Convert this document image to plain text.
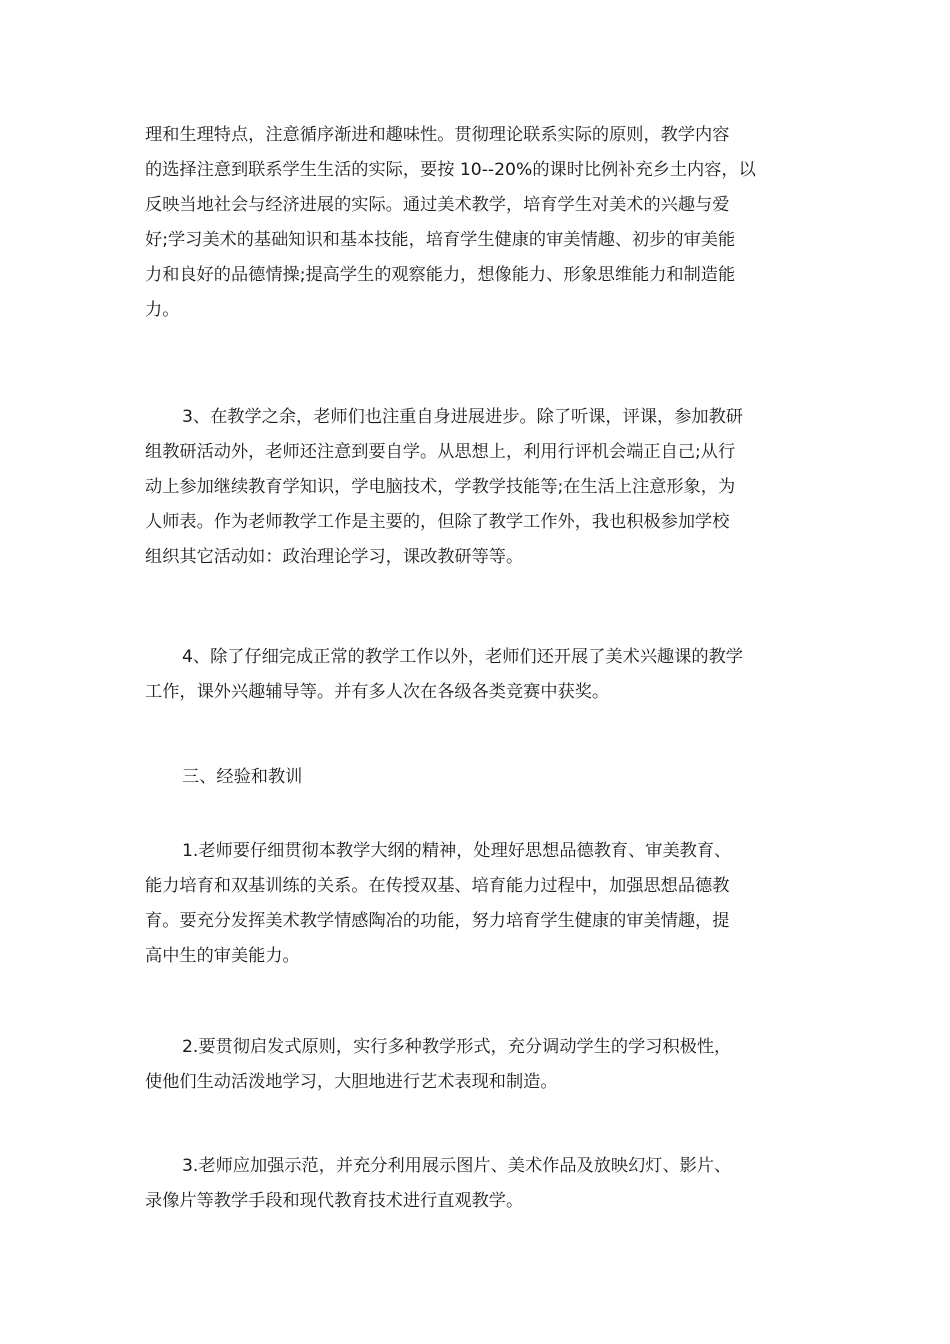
理和生理特点，注意循序渐进和趣味性。贯彻理论联系实际的原则，教学内容
的选择注意到联系学生生活的实际，要按 10--20%的课时比例补充乡土内容，以
反映当地社会与经济进展的实际。通过美术教学，培育学生对美术的兴趣与爱
好;学习美术的基础知识和基本技能，培育学生健康的审美情趣、初步的审美能
力和良好的品德情操;提高学生的观察能力，想像能力、形象思维能力和制造能
力。
3、在教学之余，老师们也注重自身进展进步。除了听课，评课，参加教研
组教研活动外，老师还注意到要自学。从思想上，利用行评机会端正自己;从行
动上参加继续教育学知识，学电脑技术，学教学技能等;在生活上注意形象，为
人师表。作为老师教学工作是主要的，但除了教学工作外，我也积极参加学校
组织其它活动如：政治理论学习，课改教研等等。
4、除了仔细完成正常的教学工作以外，老师们还开展了美术兴趣课的教学
工作，课外兴趣辅导等。并有多人次在各级各类竞赛中获奖。
三、经验和教训
1.老师要仔细贯彻本教学大纲的精神，处理好思想品德教育、审美教育、
能力培育和双基训练的关系。在传授双基、培育能力过程中，加强思想品德教
育。要充分发挥美术教学情感陶冶的功能，努力培育学生健康的审美情趣，提
高中生的审美能力。
2.要贯彻启发式原则，实行多种教学形式，充分调动学生的学习积极性，
使他们生动活泼地学习，大胆地进行艺术表现和制造。
3.老师应加强示范，并充分利用展示图片、美术作品及放映幻灯、影片、
录像片等教学手段和现代教育技术进行直观教学。
